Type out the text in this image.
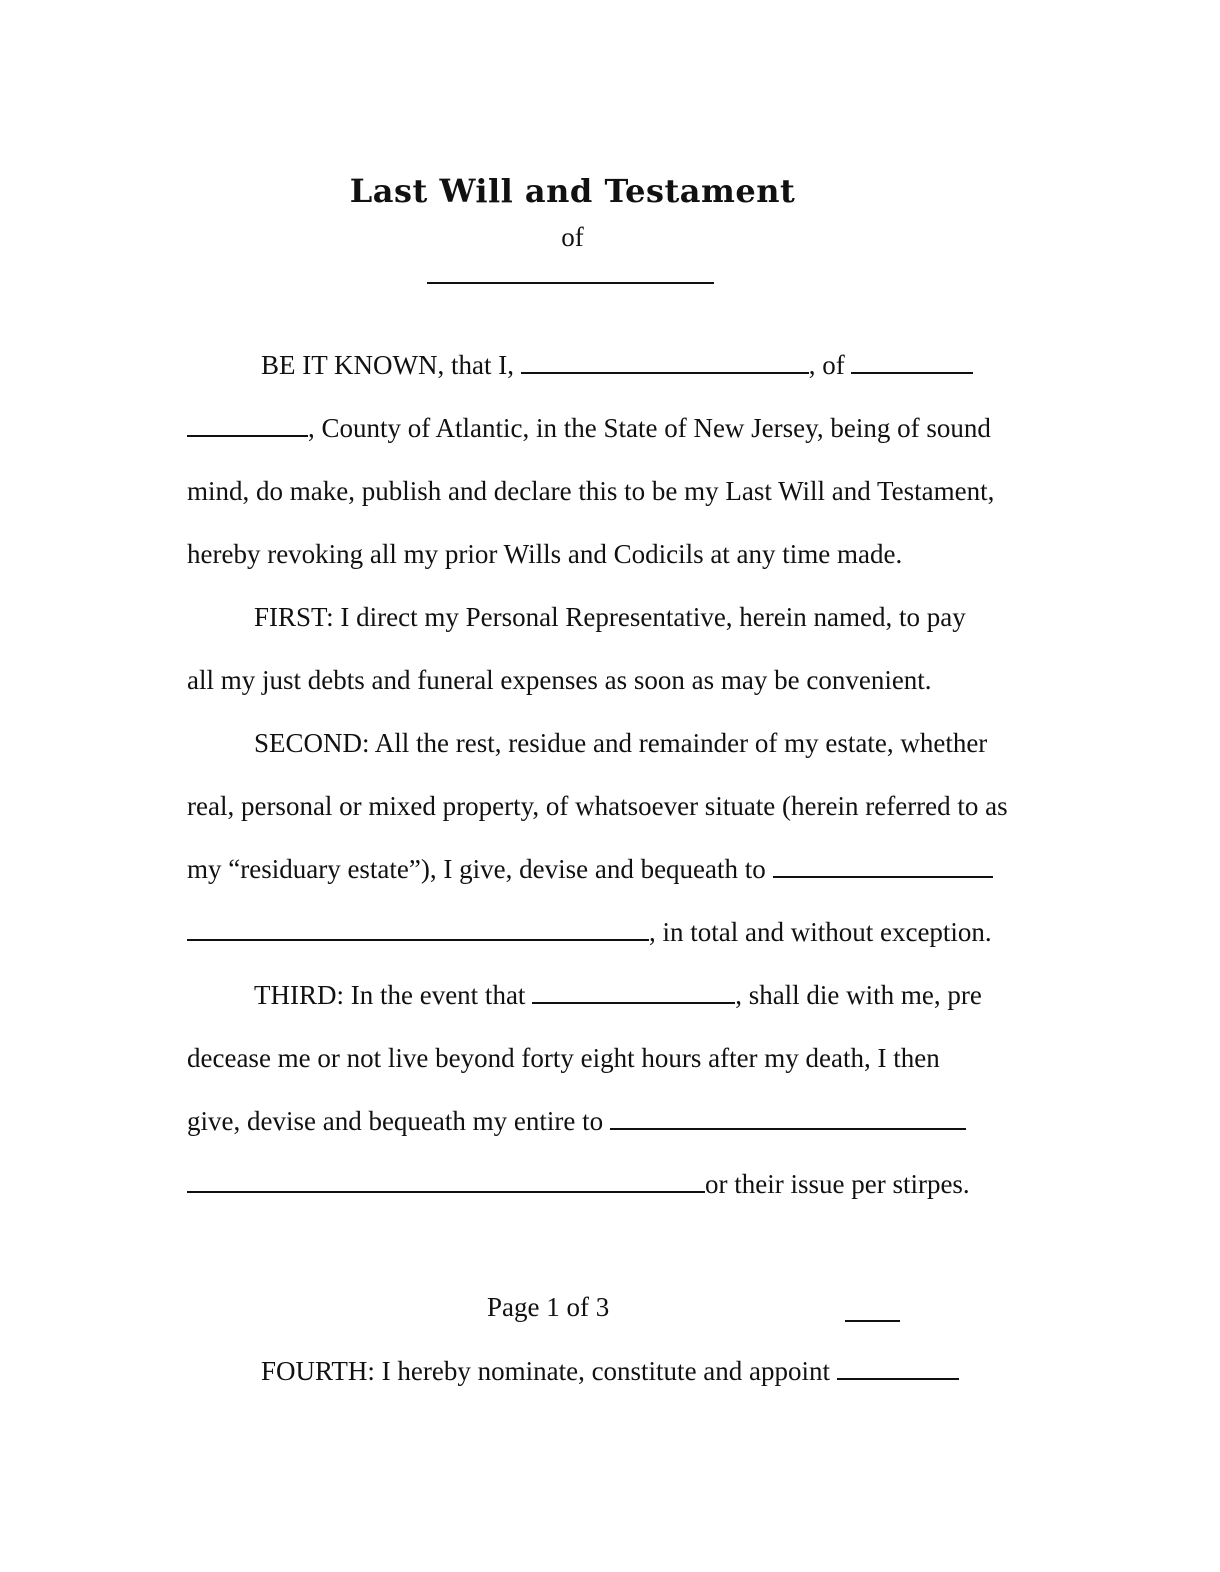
Last Will and Testament
of
BE IT KNOWN, that I,	, of
, County of Atlantic, in the State of New Jersey, being of sound
mind, do make, publish and declare this to be my Last Will and Testament,
hereby revoking all my prior Wills and Codicils at any time made.
FIRST: I direct my Personal Representative, herein named, to pay
all my just debts and funeral expenses as soon as may be convenient.
SECOND: All the rest, residue and remainder of my estate, whether
real, personal or mixed property, of whatsoever situate (herein referred to as
my “residuary estate”), I give, devise and bequeath to
, in total and without exception.
THIRD: In the event that	, shall die with me, pre
decease me or not live beyond forty eight hours after my death, I then
give, devise and bequeath my entire to
or their issue per stirpes.
Page 1 of 3
FOURTH: I hereby nominate, constitute and appoint
